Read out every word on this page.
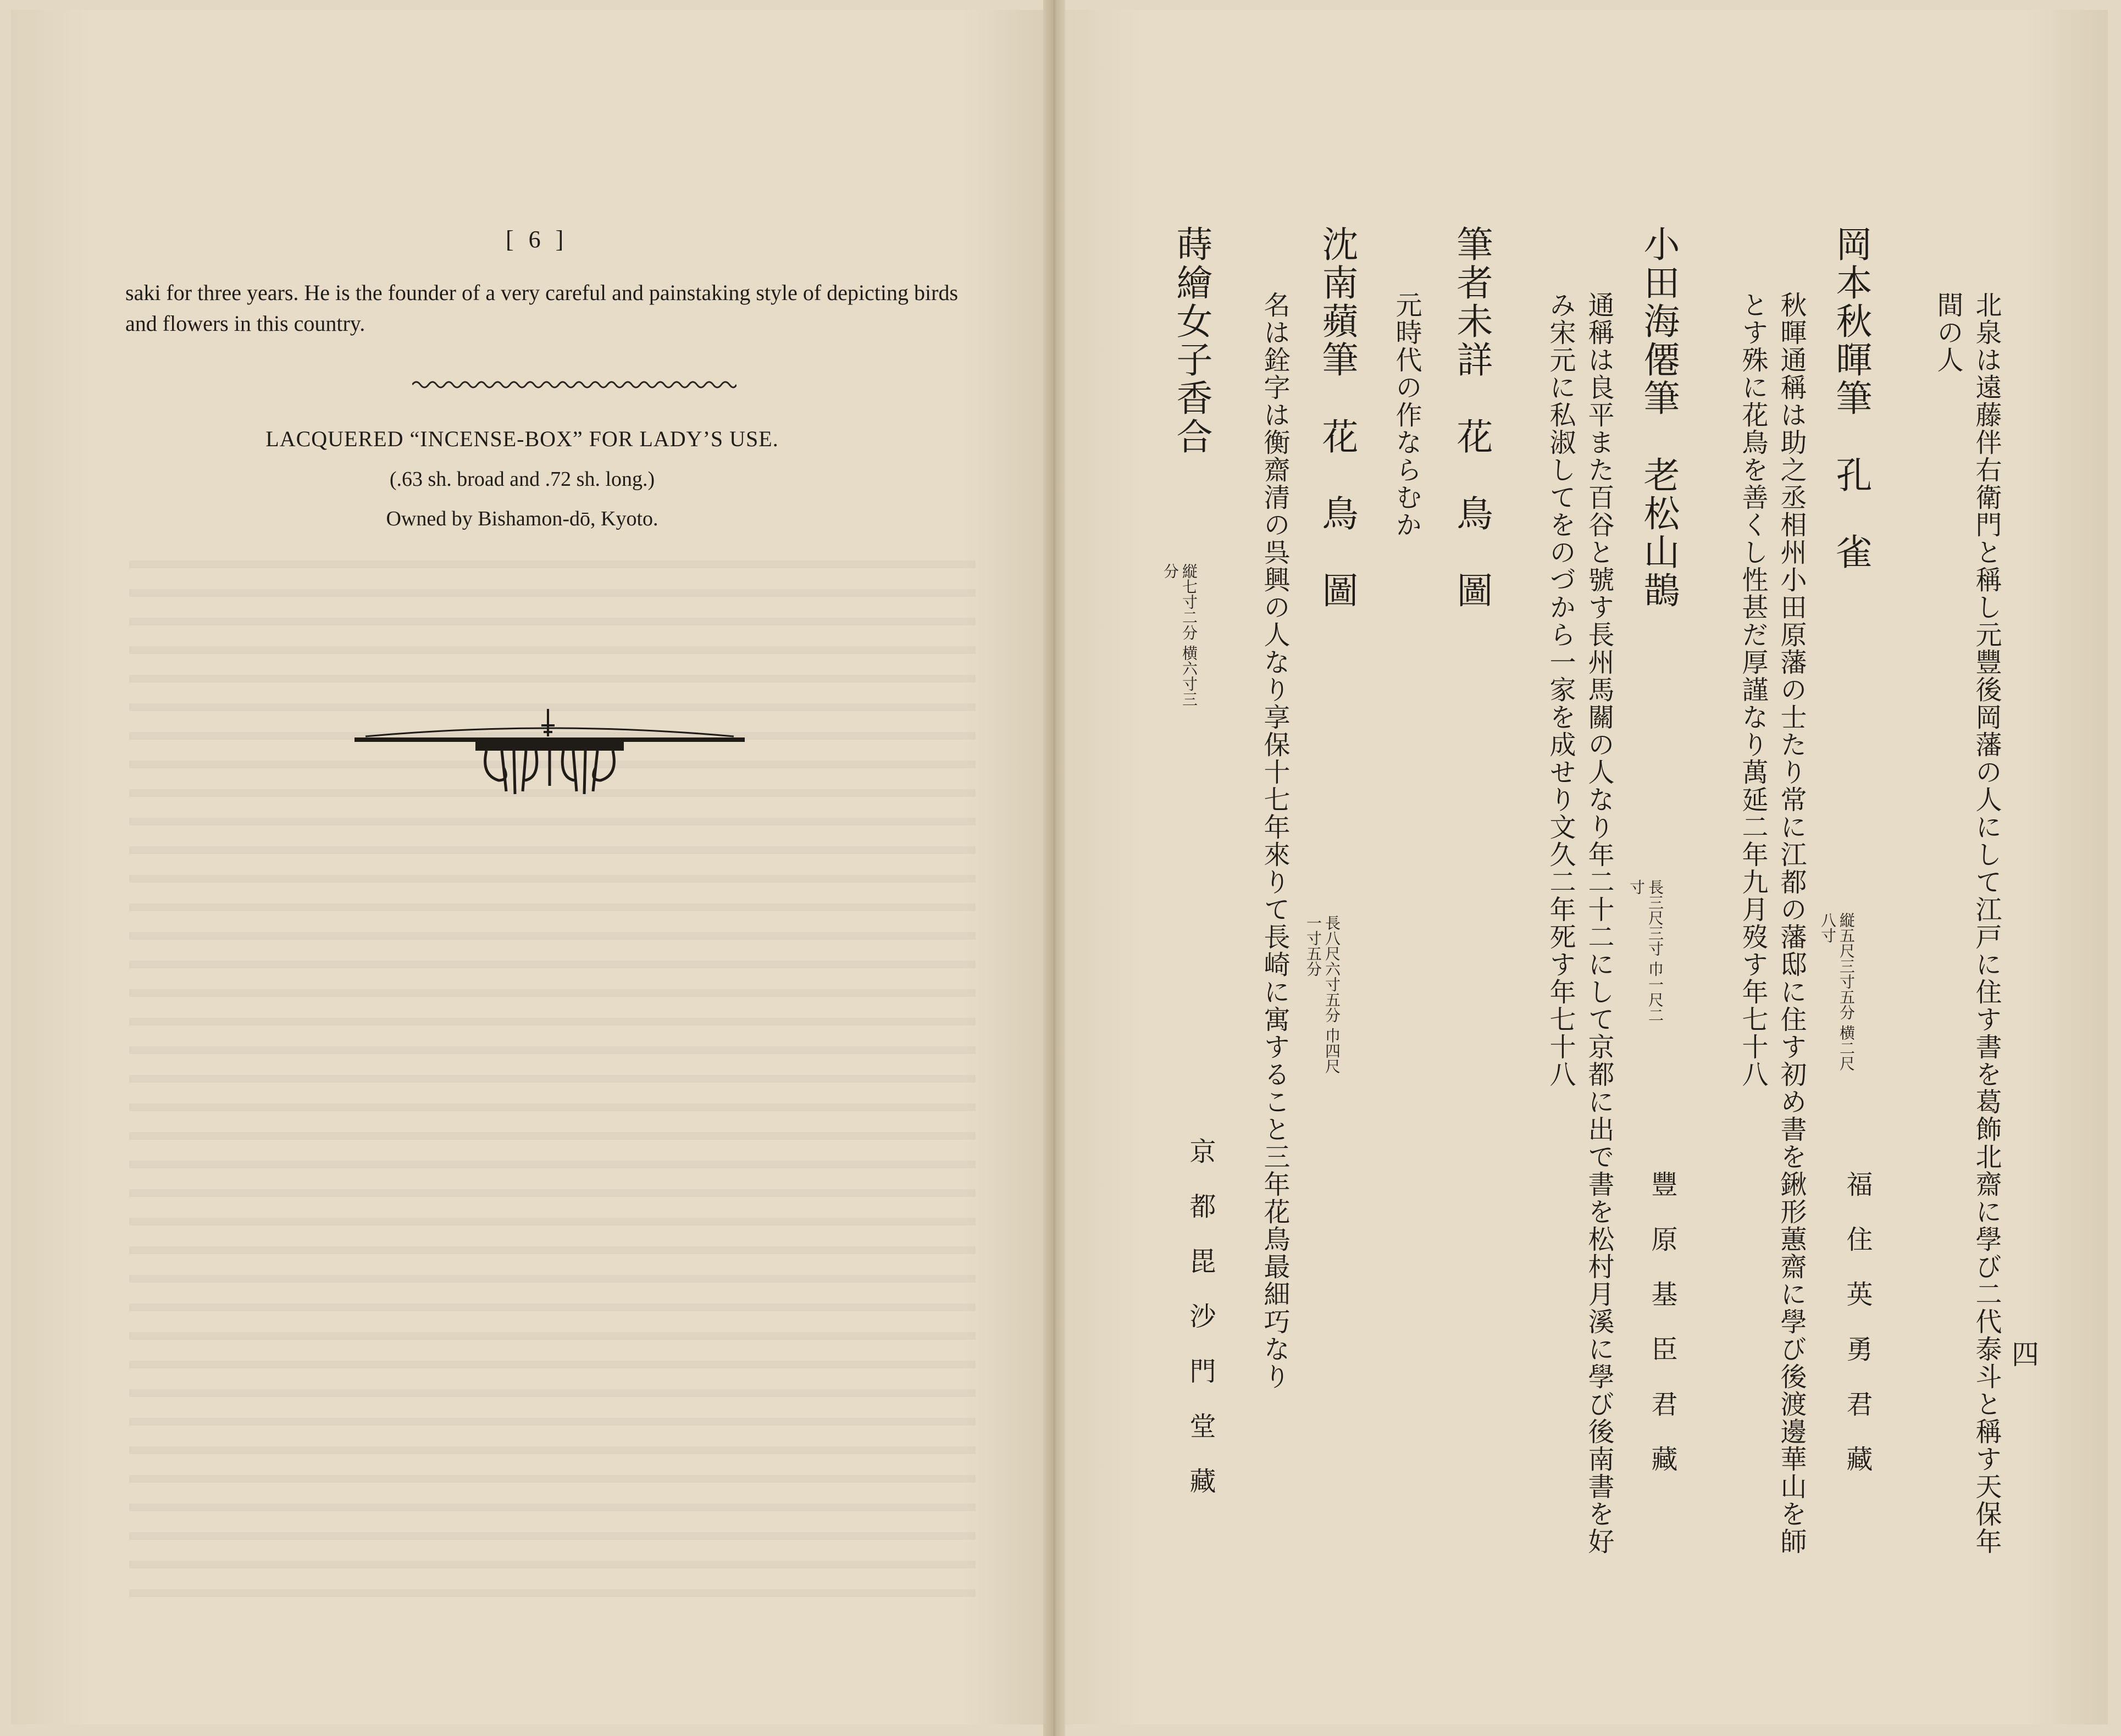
[ 6 ]
saki for three years. He is the founder of a very careful and painstaking style of depicting birds and flowers in this country.
LACQUERED “INCENSE-BOX” FOR LADY’S USE.
(.63 sh. broad and .72 sh. long.)
Owned by Bishamon-dō, Kyoto.
四
北泉は遠藤伴右衛門と稱し元豐後岡藩の人にして江戸に住す書を葛飾北齋に學び二代泰斗と稱す天保年
間の人
岡本秋暉筆　孔　雀
縦五尺三寸五分 横二尺八寸
福　住　英　勇　君　藏
秋暉通稱は助之丞相州小田原藩の士たり常に江都の藩邸に住す初め書を鍬形蕙齋に學び後渡邊華山を師
とす殊に花鳥を善くし性甚だ厚謹なり萬延二年九月歿す年七十八
小田海僊筆　老松山鵲
長三尺三寸 巾一尺二寸
豐　原　基　臣　君　藏
通稱は良平また百谷と號す長州馬關の人なり年二十二にして京都に出で書を松村月溪に學び後南書を好
み宋元に私淑してをのづから一家を成せり文久二年死す年七十八
筆者未詳　花　鳥　圖
元時代の作ならむか
沈南蘋筆　花　鳥　圖
長八尺六寸五分 巾四尺一寸五分
名は銓字は衡齋清の呉興の人なり享保十七年來りて長崎に寓すること三年花鳥最細巧なり
蒔繪女子香合
縦七寸二分 横六寸三分
京　都　毘　沙　門　堂　藏
